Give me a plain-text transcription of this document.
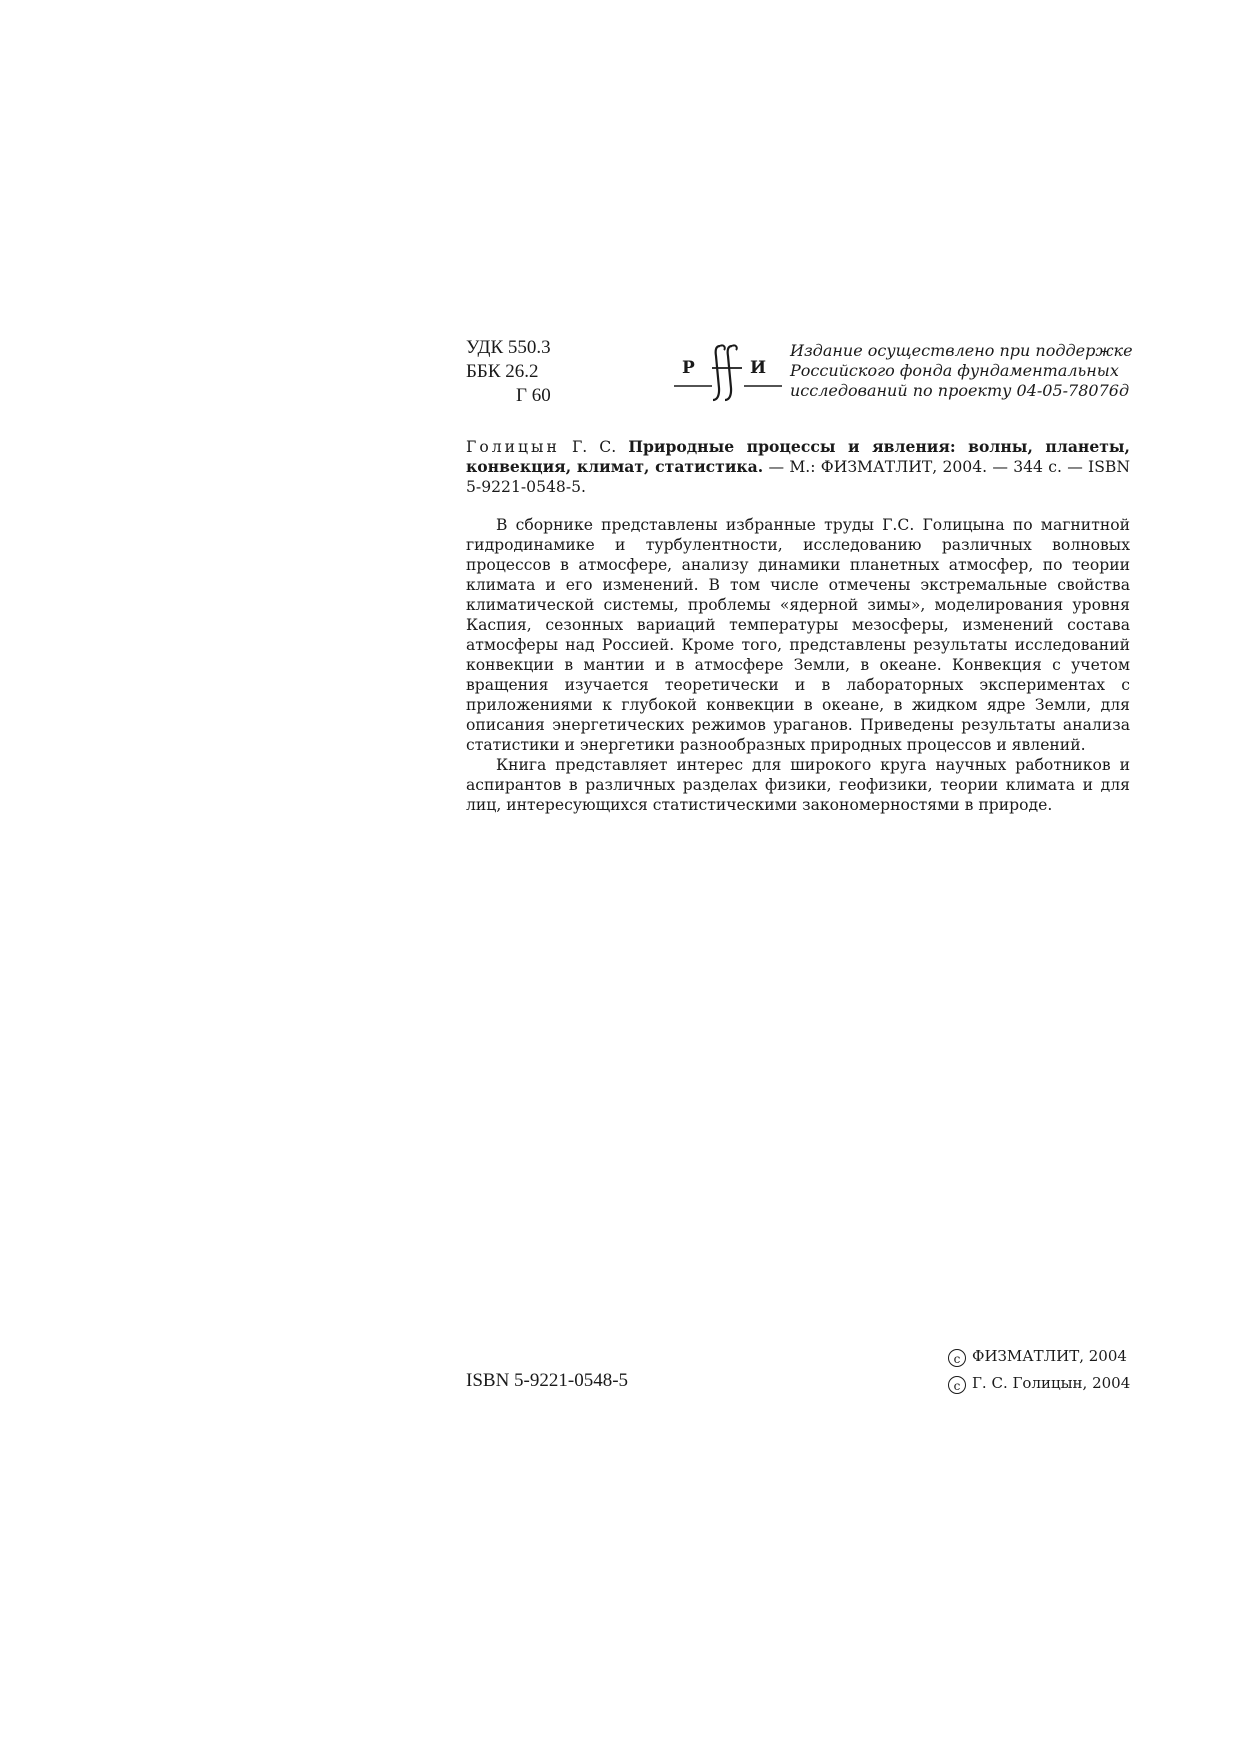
УДК 550.3
ББК 26.2
Г 60
Р	И
Издание осуществлено при поддержке
Российского фонда фундаментальных
исследований по проекту 04-05-78076д
Голицын Г. С. Природные процессы и явления: волны, планеты, конвекция, климат, статистика. — М.: ФИЗМАТЛИТ, 2004. — 344 с. — ISBN 5-9221-0548-5.

В сборнике представлены избранные труды Г.С. Голицына по магнитной гидродинамике и турбулентности, исследованию различных волновых процессов в атмосфере, анализу динамики планетных атмосфер, по теории климата и его изменений. В том числе отмечены экстремальные свойства климатической системы, проблемы «ядерной зимы», моделирования уровня Каспия, сезонных вариаций температуры мезосферы, изменений состава атмосферы над Россией. Кроме того, представлены результаты исследований конвекции в мантии и в атмосфере Земли, в океане. Конвекция с учетом вращения изучается теоретически и в лабораторных экспериментах с приложениями к глубокой конвекции в океане, в жидком ядре Земли, для описания энергетических режимов ураганов. Приведены результаты анализа статистики и энергетики разнообразных природных процессов и явлений.

Книга представляет интерес для широкого круга научных работников и аспирантов в различных разделах физики, геофизики, теории климата и для лиц, интересующихся статистическими закономерностями в природе.

ISBN 5-9221-0548-5
c ФИЗМАТЛИТ, 2004
c Г. С. Голицын, 2004
